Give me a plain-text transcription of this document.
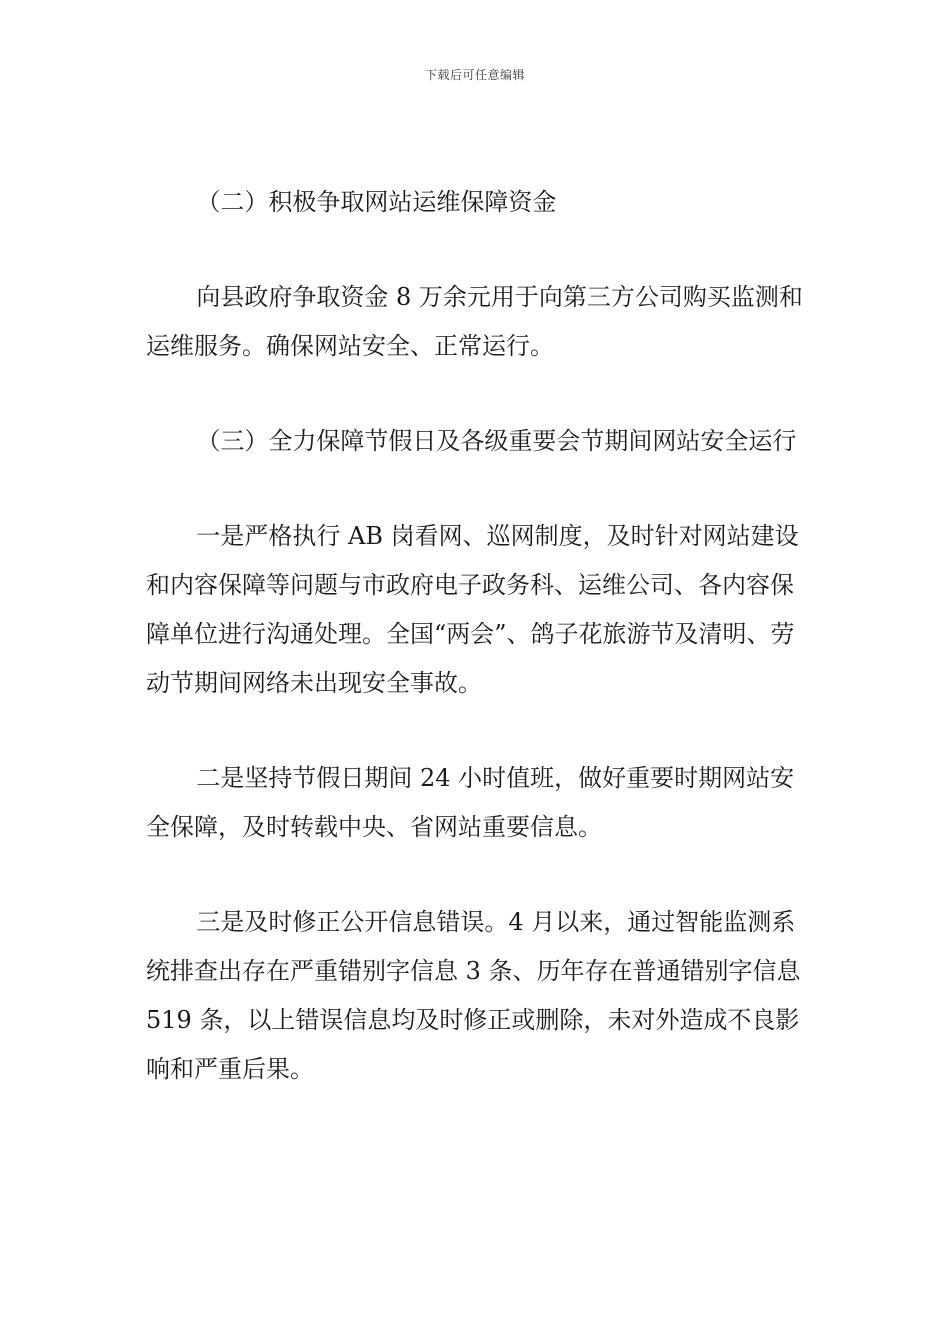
下载后可任意编辑

（二）积极争取网站运维保障资金

向县政府争取资金 8 万余元用于向第三方公司购买监测和运维服务。确保网站安全、正常运行。

（三）全力保障节假日及各级重要会节期间网站安全运行

一是严格执行 AB 岗看网、巡网制度，及时针对网站建设和内容保障等问题与市政府电子政务科、运维公司、各内容保障单位进行沟通处理。全国“两会”、鸽子花旅游节及清明、劳动节期间网络未出现安全事故。

二是坚持节假日期间 24 小时值班，做好重要时期网站安全保障，及时转载中央、省网站重要信息。

三是及时修正公开信息错误。4 月以来，通过智能监测系统排查出存在严重错别字信息 3 条、历年存在普通错别字信息 519 条，以上错误信息均及时修正或删除，未对外造成不良影响和严重后果。
